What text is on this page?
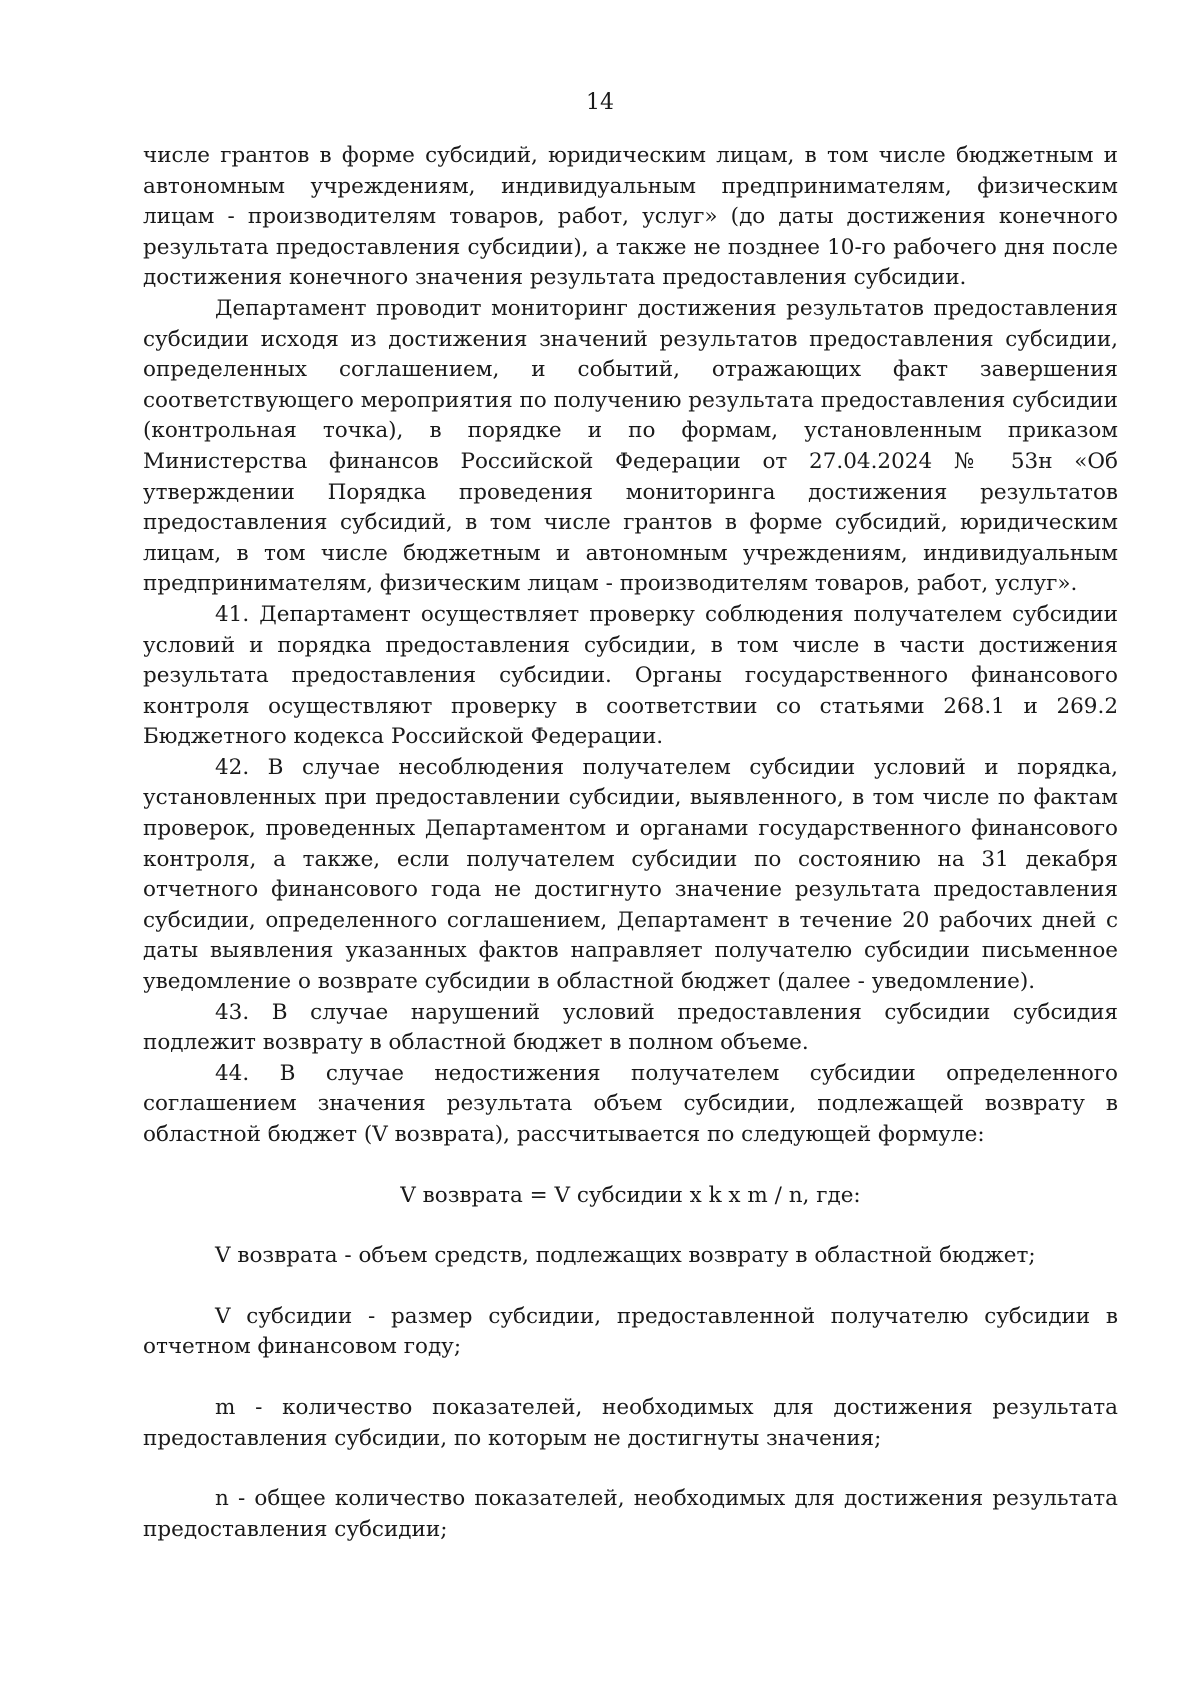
14

числе грантов в форме субсидий, юридическим лицам, в том числе бюджетным и автономным учреждениям, индивидуальным предпринимателям, физическим лицам - производителям товаров, работ, услуг» (до даты достижения конечного результата предоставления субсидии), а также не позднее 10-го рабочего дня после достижения конечного значения результата предоставления субсидии.

Департамент проводит мониторинг достижения результатов предоставления субсидии исходя из достижения значений результатов предоставления субсидии, определенных соглашением, и событий, отражающих факт завершения соответствующего мероприятия по получению результата предоставления субсидии (контрольная точка), в порядке и по формам, установленным приказом Министерства финансов Российской Федерации от 27.04.2024 № 53н «Об утверждении Порядка проведения мониторинга достижения результатов предоставления субсидий, в том числе грантов в форме субсидий, юридическим лицам, в том числе бюджетным и автономным учреждениям, индивидуальным предпринимателям, физическим лицам - производителям товаров, работ, услуг».

41. Департамент осуществляет проверку соблюдения получателем субсидии условий и порядка предоставления субсидии, в том числе в части достижения результата предоставления субсидии. Органы государственного финансового контроля осуществляют проверку в соответствии со статьями 268.1 и 269.2 Бюджетного кодекса Российской Федерации.

42. В случае несоблюдения получателем субсидии условий и порядка, установленных при предоставлении субсидии, выявленного, в том числе по фактам проверок, проведенных Департаментом и органами государственного финансового контроля, а также, если получателем субсидии по состоянию на 31 декабря отчетного финансового года не достигнуто значение результата предоставления субсидии, определенного соглашением, Департамент в течение 20 рабочих дней с даты выявления указанных фактов направляет получателю субсидии письменное уведомление о возврате субсидии в областной бюджет (далее - уведомление).

43. В случае нарушений условий предоставления субсидии субсидия подлежит возврату в областной бюджет в полном объеме.

44. В случае недостижения получателем субсидии определенного соглашением значения результата объем субсидии, подлежащей возврату в областной бюджет (V возврата), рассчитывается по следующей формуле:

V возврата = V субсидии x k x m / n, где:

V возврата - объем средств, подлежащих возврату в областной бюджет;

V субсидии - размер субсидии, предоставленной получателю субсидии в отчетном финансовом году;

m - количество показателей, необходимых для достижения результата предоставления субсидии, по которым не достигнуты значения;

n - общее количество показателей, необходимых для достижения результата предоставления субсидии;
